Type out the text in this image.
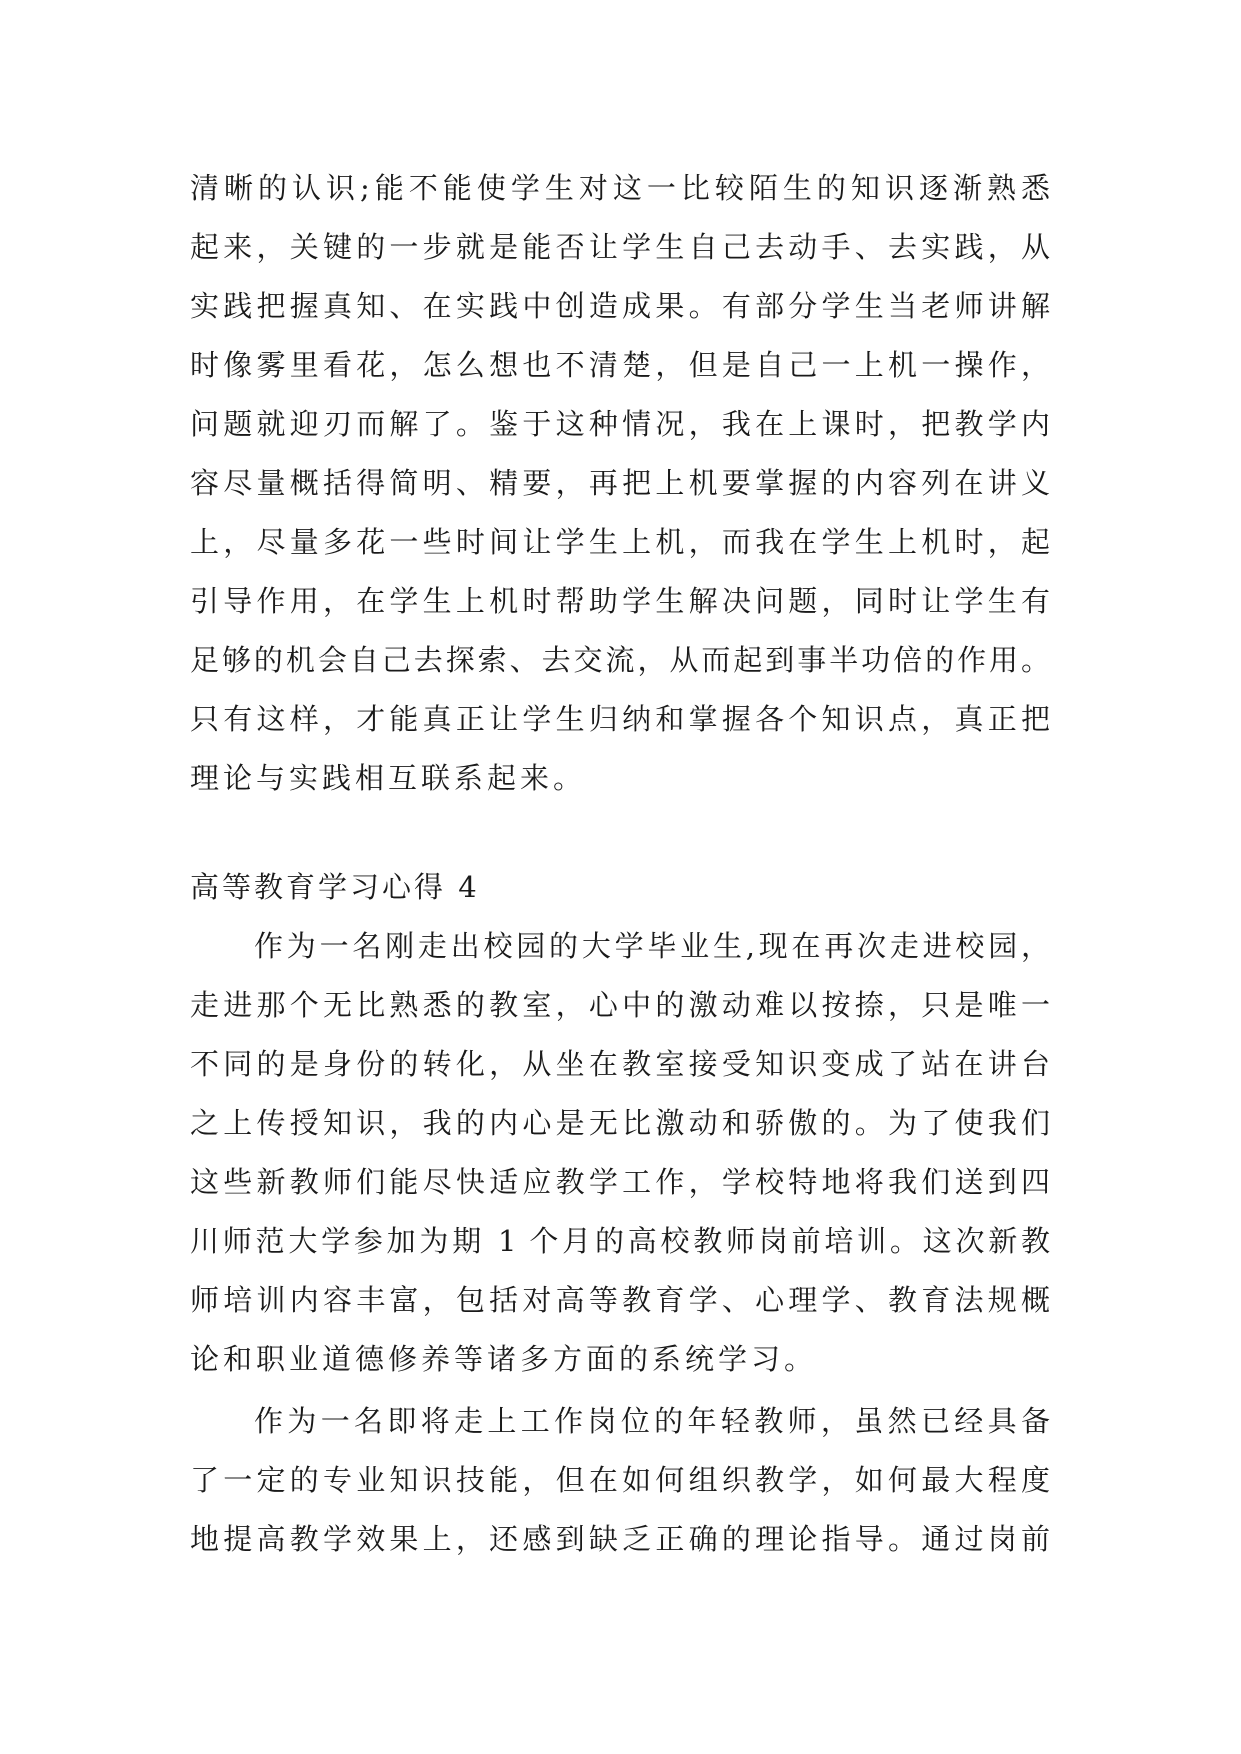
清晰的认识;能不能使学生对这一比较陌生的知识逐渐熟悉
起来，关键的一步就是能否让学生自己去动手、去实践，从
实践把握真知、在实践中创造成果。有部分学生当老师讲解
时像雾里看花，怎么想也不清楚，但是自己一上机一操作，
问题就迎刃而解了。鉴于这种情况，我在上课时，把教学内
容尽量概括得简明、精要，再把上机要掌握的内容列在讲义
上，尽量多花一些时间让学生上机，而我在学生上机时，起
引导作用，在学生上机时帮助学生解决问题，同时让学生有
足够的机会自己去探索、去交流，从而起到事半功倍的作用。
只有这样，才能真正让学生归纳和掌握各个知识点，真正把
理论与实践相互联系起来。
高等教育学习心得 4
作为一名刚走出校园的大学毕业生,现在再次走进校园，
走进那个无比熟悉的教室，心中的激动难以按捺，只是唯一
不同的是身份的转化，从坐在教室接受知识变成了站在讲台
之上传授知识，我的内心是无比激动和骄傲的。为了使我们
这些新教师们能尽快适应教学工作，学校特地将我们送到四
川师范大学参加为期 1 个月的高校教师岗前培训。这次新教
师培训内容丰富，包括对高等教育学、心理学、教育法规概
论和职业道德修养等诸多方面的系统学习。
作为一名即将走上工作岗位的年轻教师，虽然已经具备
了一定的专业知识技能，但在如何组织教学，如何最大程度
地提高教学效果上，还感到缺乏正确的理论指导。通过岗前
